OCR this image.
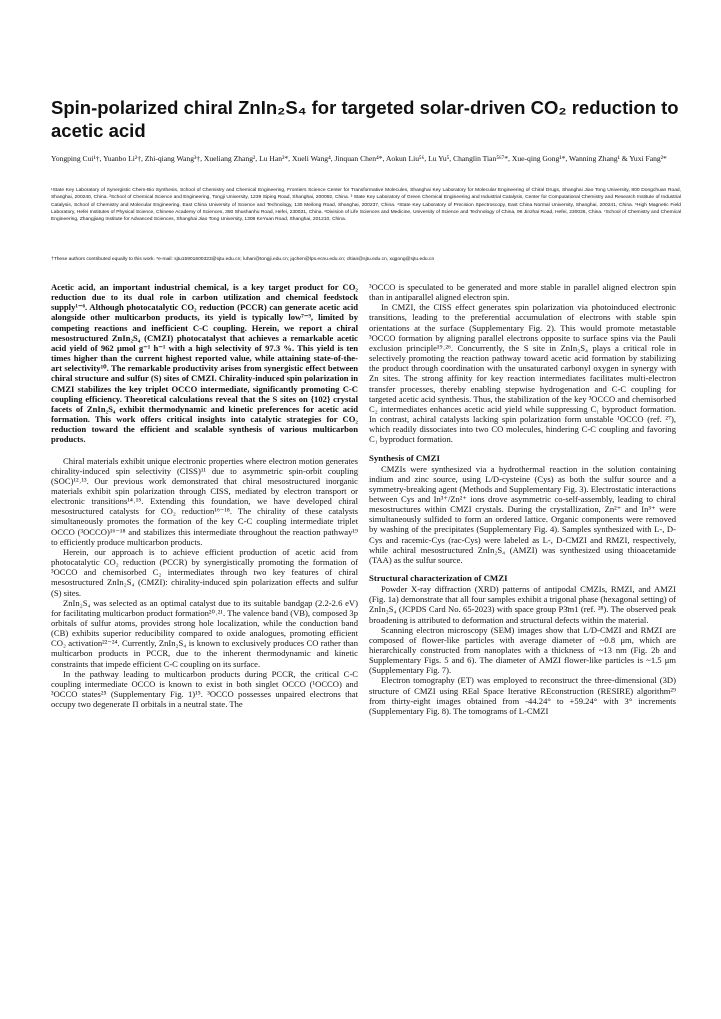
Spin-polarized chiral ZnIn₂S₄ for targeted solar-driven CO₂ reduction to acetic acid

Yongping Cui¹†, Yuanbo Li²†, Zhi-qiang Wang³†, Xueliang Zhang², Lu Han²*, Xueli Wang⁴, Jinquan Chen⁴*, Aokun Liu⁵⁶, Lu Yu⁵, Changlin Tian⁵⁶⁷*, Xue-qing Gong¹*, Wanning Zhang¹ & Yuxi Fang²*

¹State Key Laboratory of Synergistic Chem-Bio Synthesis, School of Chemistry and Chemical Engineering, Frontiers Science Center for Transformative Molecules, Shanghai Key Laboratory for Molecular Engineering of Chiral Drugs, Shanghai Jiao Tong University, 800 Dongchuan Road, Shanghai, 200240, China. ²School of Chemical Science and Engineering, Tongji University, 1239 Siping Road, Shanghai, 200092, China. ³ State Key Laboratory of Green Chemical Engineering and Industrial Catalysis, Center for Computational Chemistry and Research Institute of Industrial Catalysis, School of Chemistry and Molecular Engineering, East China University of Science and Technology, 130 Meilong Road, Shanghai, 200237, China. ⁴State Key Laboratory of Precision Spectroscopy, East China Normal University, Shanghai, 200241, China. ⁵High Magnetic Field Laboratory, Hefei Institutes of Physical Science, Chinese Academy of Sciences, 350 Shushanhu Road, Hefei, 230031, China. ⁶Division of Life Sciences and Medicine, University of Science and Technology of China, 96 Jinzhai Road, Hefei, 230026, China. ⁷School of Chemistry and Chemical Engineering, Zhangjiang Institute for Advanced Sciences, Shanghai Jiao Tong University, 1308 KeYuan Road, Shanghai, 201210, China.

†These authors contributed equally to this work. *e-mail: sjtu15901600323@sjtu.edu.cn; luhan@tongji.edu.cn; jqchen@lps.ecnu.edu.cn; cltian@sjtu.edu.cn, xqgong@sjtu.edu.cn

Acetic acid, an important industrial chemical, is a key target product for CO₂ reduction due to its dual role in carbon utilization and chemical feedstock supply¹⁻⁶. Although photocatalytic CO₂ reduction (PCCR) can generate acetic acid alongside other multicarbon products, its yield is typically low⁷⁻⁹, limited by competing reactions and inefficient C-C coupling. Herein, we report a chiral mesostructured ZnIn₂S₄ (CMZI) photocatalyst that achieves a remarkable acetic acid yield of 962 μmol g⁻¹ h⁻¹ with a high selectivity of 97.3 %. This yield is ten times higher than the current highest reported value, while attaining state-of-the-art selectivity¹⁰. The remarkable productivity arises from synergistic effect between chiral structure and sulfur (S) sites of CMZI. Chirality-induced spin polarization in CMZI stabilizes the key triplet OCCO intermediate, significantly promoting C-C coupling efficiency. Theoretical calculations reveal that the S sites on {102} crystal facets of ZnIn₂S₄ exhibit thermodynamic and kinetic preferences for acetic acid formation. This work offers critical insights into catalytic strategies for CO₂ reduction toward the efficient and scalable synthesis of various multicarbon products.

Chiral materials exhibit unique electronic properties where electron motion generates chirality-induced spin selectivity (CISS)¹¹ due to asymmetric spin-orbit coupling (SOC)¹²˒¹³. Our previous work demonstrated that chiral mesostructured inorganic materials exhibit spin polarization through CISS, mediated by electron transport or electronic transitions¹⁴˒¹⁵. Extending this foundation, we have developed chiral mesostructured catalysts for CO₂ reduction¹⁶⁻¹⁸. The chirality of these catalysts simultaneously promotes the formation of the key C-C coupling intermediate triplet OCCO (³OCCO)¹⁶⁻¹⁸ and stabilizes this intermediate throughout the reaction pathway¹⁹ to efficiently produce multicarbon products.

Herein, our approach is to achieve efficient production of acetic acid from photocatalytic CO₂ reduction (PCCR) by synergistically promoting the formation of ³OCCO and chemisorbed C₂ intermediates through two key features of chiral mesostructured ZnIn₂S₄ (CMZI): chirality-induced spin polarization effects and sulfur (S) sites.

ZnIn₂S₄ was selected as an optimal catalyst due to its suitable bandgap (2.2-2.6 eV) for facilitating multicarbon product formation²⁰˒²¹. The valence band (VB), composed 3p orbitals of sulfur atoms, provides strong hole localization, while the conduction band (CB) exhibits superior reducibility compared to oxide analogues, promoting efficient CO₂ activation²²⁻²⁴. Currently, ZnIn₂S₄ is known to exclusively produces CO rather than multicarbon products in PCCR, due to the inherent thermodynamic and kinetic constraints that impede efficient C-C coupling on its surface.

In the pathway leading to multicarbon products during PCCR, the critical C-C coupling intermediate OCCO is known to exist in both singlet OCCO (¹OCCO) and ³OCCO states²⁵ (Supplementary Fig. 1)¹⁵. ³OCCO possesses unpaired electrons that occupy two degenerate Π orbitals in a neutral state. The

³OCCO is speculated to be generated and more stable in parallel aligned electron spin than in antiparallel aligned electron spin.

In CMZI, the CISS effect generates spin polarization via photoinduced electronic transitions, leading to the preferential accumulation of electrons with stable spin orientations at the surface (Supplementary Fig. 2). This would promote metastable ³OCCO formation by aligning parallel electrons opposite to surface spins via the Pauli exclusion principle¹⁹˒²⁶. Concurrently, the S site in ZnIn₂S₄ plays a critical role in selectively promoting the reaction pathway toward acetic acid formation by stabilizing the product through coordination with the unsaturated carbonyl oxygen in synergy with Zn sites. The strong affinity for key reaction intermediates facilitates multi-electron transfer processes, thereby enabling stepwise hydrogenation and C-C coupling for targeted acetic acid synthesis. Thus, the stabilization of the key ³OCCO and chemisorbed C₂ intermediates enhances acetic acid yield while suppressing C₁ byproduct formation. In contrast, achiral catalysts lacking spin polarization form unstable ¹OCCO (ref. ²⁷), which readily dissociates into two CO molecules, hindering C-C coupling and favoring C₁ byproduct formation.

Synthesis of CMZI

CMZIs were synthesized via a hydrothermal reaction in the solution containing indium and zinc source, using L/D-cysteine (Cys) as both the sulfur source and a symmetry-breaking agent (Methods and Supplementary Fig. 3). Electrostatic interactions between Cys and In³⁺/Zn²⁺ ions drove asymmetric co-self-assembly, leading to chiral mesostructures within CMZI crystals. During the crystallization, Zn²⁺ and In³⁺ were simultaneously sulfided to form an ordered lattice. Organic components were removed by washing of the precipitates (Supplementary Fig. 4). Samples synthesized with L-, D-Cys and racemic-Cys (rac-Cys) were labeled as L-, D-CMZI and RMZI, respectively, while achiral mesostructured ZnIn₂S₄ (AMZI) was synthesized using thioacetamide (TAA) as the sulfur source.

Structural characterization of CMZI

Powder X-ray diffraction (XRD) patterns of antipodal CMZIs, RMZI, and AMZI (Fig. 1a) demonstrate that all four samples exhibit a trigonal phase (hexagonal setting) of ZnIn₂S₄ (JCPDS Card No. 65-2023) with space group P3̄m1 (ref. ²⁸). The observed peak broadening is attributed to deformation and structural defects within the material.

Scanning electron microscopy (SEM) images show that L/D-CMZI and RMZI are composed of flower-like particles with average diameter of ~0.8 μm, which are hierarchically constructed from nanoplates with a thickness of ~13 nm (Fig. 2b and Supplementary Figs. 5 and 6). The diameter of AMZI flower-like particles is ~1.5 μm (Supplementary Fig. 7).

Electron tomography (ET) was employed to reconstruct the three-dimensional (3D) structure of CMZI using REal Space Iterative REconstruction (RESIRE) algorithm²⁹ from thirty-eight images obtained from -44.24° to +59.24° with 3° increments (Supplementary Fig. 8). The tomograms of L-CMZI
